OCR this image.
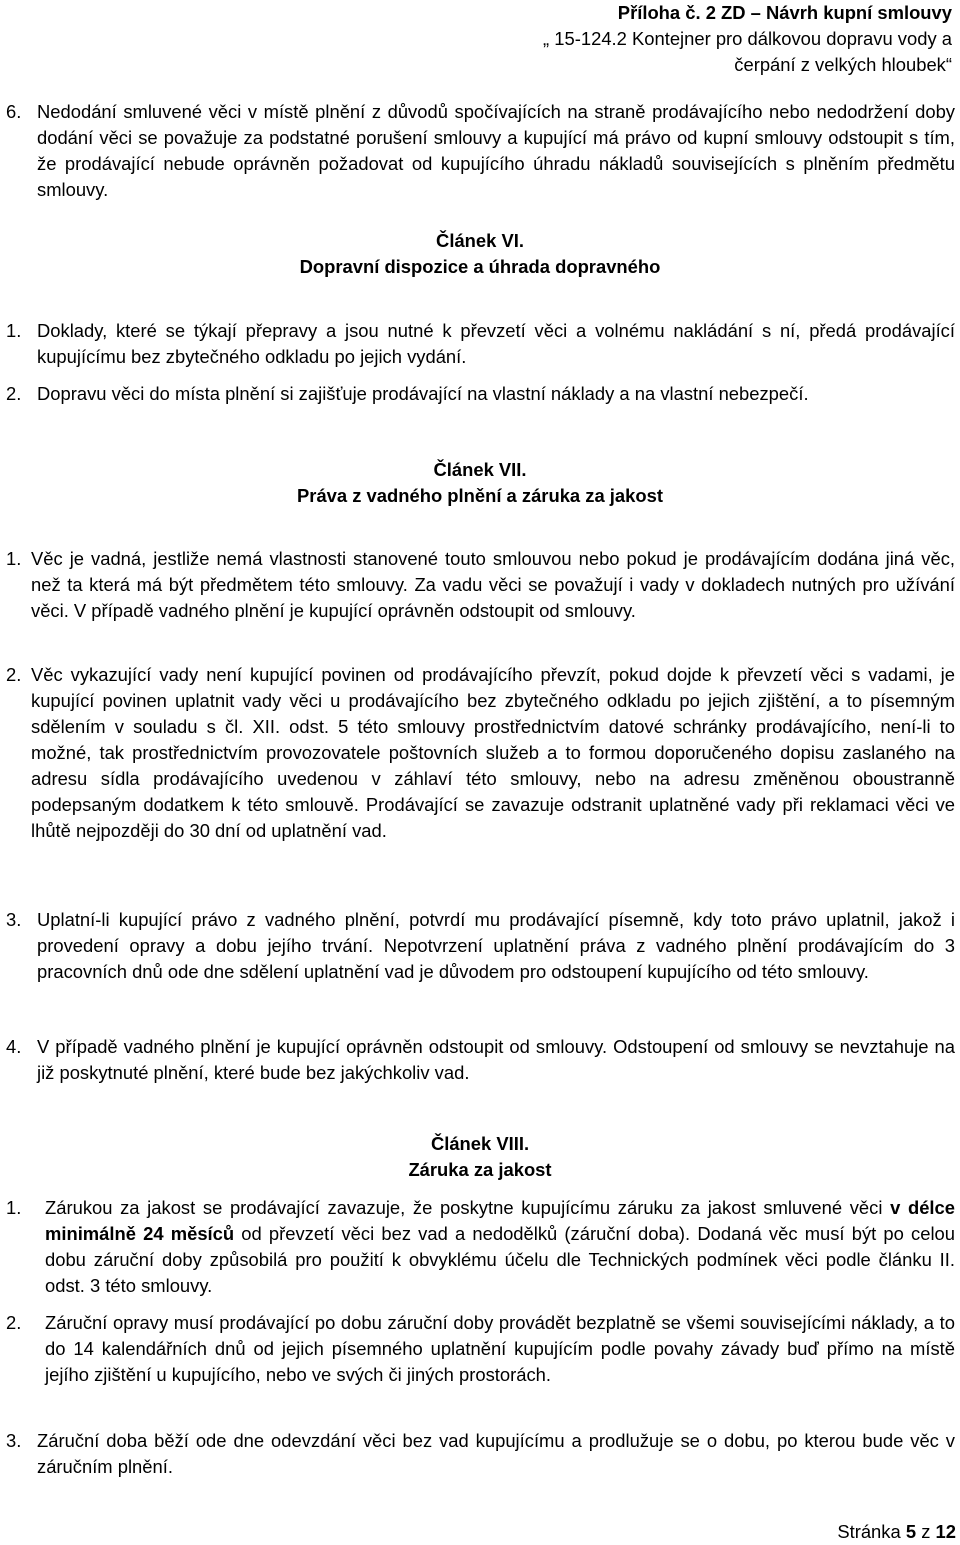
Příloha č. 2 ZD – Návrh kupní smlouvy
„ 15-124.2 Kontejner pro dálkovou dopravu vody a
čerpání z velkých hloubek“
6. Nedodání smluvené věci v místě plnění z důvodů spočívajících na straně prodávajícího nebo nedodržení doby dodání věci se považuje za podstatné porušení smlouvy a kupující má právo od kupní smlouvy odstoupit s tím, že prodávající nebude oprávněn požadovat od kupujícího úhradu nákladů souvisejících s plněním předmětu smlouvy.
Článek VI.
Dopravní dispozice a úhrada dopravného
1. Doklady, které se týkají přepravy a jsou nutné k převzetí věci a volnému nakládání s ní, předá prodávající kupujícímu bez zbytečného odkladu po jejich vydání.
2. Dopravu věci do místa plnění si zajišťuje prodávající na vlastní náklady a na vlastní nebezpečí.
Článek VII.
Práva z vadného plnění a záruka za jakost
1. Věc je vadná, jestliže nemá vlastnosti stanovené touto smlouvou nebo pokud je prodávajícím dodána jiná věc, než ta která má být předmětem této smlouvy. Za vadu věci se považují i vady v dokladech nutných pro užívání věci. V případě vadného plnění je kupující oprávněn odstoupit od smlouvy.
2. Věc vykazující vady není kupující povinen od prodávajícího převzít, pokud dojde k převzetí věci s vadami, je kupující povinen uplatnit vady věci u prodávajícího bez zbytečného odkladu po jejich zjištění, a to písemným sdělením v souladu s čl. XII. odst. 5 této smlouvy prostřednictvím datové schránky prodávajícího, není-li to možné, tak prostřednictvím provozovatele poštovních služeb a to formou doporučeného dopisu zaslaného na adresu sídla prodávajícího uvedenou v záhlaví této smlouvy, nebo na adresu změněnou oboustranně podepsaným dodatkem k této smlouvě. Prodávající se zavazuje odstranit uplatněné vady při reklamaci věci ve lhůtě nejpozději do 30 dní od uplatnění vad.
3. Uplatní-li kupující právo z vadného plnění, potvrdí mu prodávající písemně, kdy toto právo uplatnil, jakož i provedení opravy a dobu jejího trvání. Nepotvrzení uplatnění práva z vadného plnění prodávajícím do 3 pracovních dnů ode dne sdělení uplatnění vad je důvodem pro odstoupení kupujícího od této smlouvy.
4. V případě vadného plnění je kupující oprávněn odstoupit od smlouvy. Odstoupení od smlouvy se nevztahuje na již poskytnuté plnění, které bude bez jakýchkoliv vad.
Článek VIII.
Záruka za jakost
1. Zárukou za jakost se prodávající zavazuje, že poskytne kupujícímu záruku za jakost smluvené věci v délce minimálně 24 měsíců od převzetí věci bez vad a nedodělků (záruční doba). Dodaná věc musí být po celou dobu záruční doby způsobilá pro použití k obvyklému účelu dle Technických podmínek věci podle článku II. odst. 3 této smlouvy.
2. Záruční opravy musí prodávající po dobu záruční doby provádět bezplatně se všemi souvisejícími náklady, a to do 14 kalendářních dnů od jejich písemného uplatnění kupujícím podle povahy závady buď přímo na místě jejího zjištění u kupujícího, nebo ve svých či jiných prostorách.
3. Záruční doba běží ode dne odevzdání věci bez vad kupujícímu a prodlužuje se o dobu, po kterou bude věc v záručním plnění.
Stránka 5 z 12
